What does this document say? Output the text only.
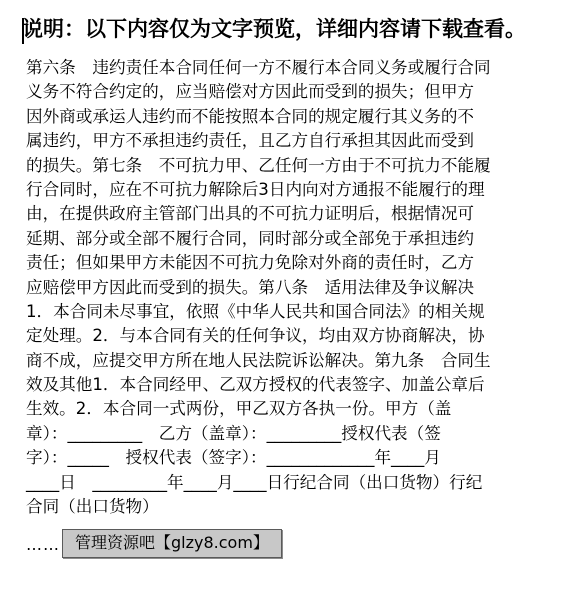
说明：以下内容仅为文字预览，详细内容请下载查看。
第六条　违约责任本合同任何一方不履行本合同义务或履行合同
义务不符合约定的，应当赔偿对方因此而受到的损失；但甲方
因外商或承运人违约而不能按照本合同的规定履行其义务的不
属违约，甲方不承担违约责任，且乙方自行承担其因此而受到
的损失。第七条　不可抗力甲、乙任何一方由于不可抗力不能履
行合同时，应在不可抗力解除后3日内向对方通报不能履行的理
由，在提供政府主管部门出具的不可抗力证明后，根据情况可
延期、部分或全部不履行合同，同时部分或全部免于承担违约
责任；但如果甲方未能因不可抗力免除对外商的责任时，乙方
应赔偿甲方因此而受到的损失。第八条　适用法律及争议解决
1．本合同未尽事宜，依照《中华人民共和国合同法》的相关规
定处理。2．与本合同有关的任何争议，均由双方协商解决，协
商不成，应提交甲方所在地人民法院诉讼解决。第九条　合同生
效及其他1．本合同经甲、乙双方授权的代表签字、加盖公章后
生效。2．本合同一式两份，甲乙双方各执一份。甲方（盖
章）：_________　乙方（盖章）：_________授权代表（签
字）：_____　授权代表（签字）：_____________年____月
____日　_________年____月____日行纪合同（出口货物）行纪
合同（出口货物）
…… 管理资源吧【glzy8.com】
